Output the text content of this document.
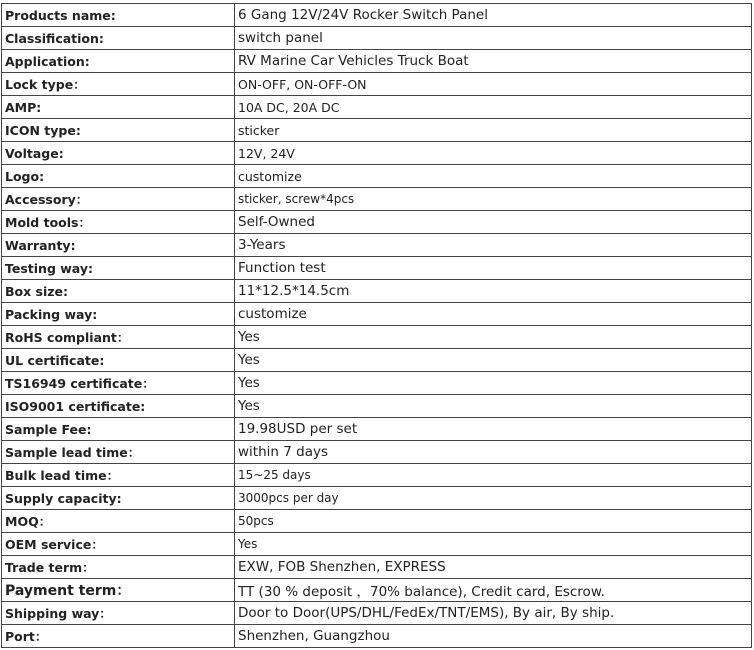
Products name:	6 Gang 12V/24V Rocker Switch Panel
Classification:	switch panel
Application:	RV Marine Car Vehicles Truck Boat
Lock type：	ON-OFF, ON-OFF-ON
AMP:	10A DC, 20A DC
ICON type:	sticker
Voltage:	12V, 24V
Logo:	customize
Accessory：	sticker, screw*4pcs
Mold tools：	Self-Owned
Warranty:	3-Years
Testing way:	Function test
Box size:	11*12.5*14.5cm
Packing way:	customize
RoHS compliant：	Yes
UL certificate:	Yes
TS16949 certificate：	Yes
ISO9001 certificate:	Yes
Sample Fee:	19.98USD per set
Sample lead time：	within 7 days
Bulk lead time：	15~25 days
Supply capacity:	3000pcs per day
MOQ：	50pcs
OEM service：	Yes
Trade term：	EXW, FOB Shenzhen, EXPRESS
Payment term：	TT (30 % deposit ，70% balance), Credit card, Escrow.
Shipping way：	Door to Door(UPS/DHL/FedEx/TNT/EMS), By air, By ship.
Port：	Shenzhen, Guangzhou
